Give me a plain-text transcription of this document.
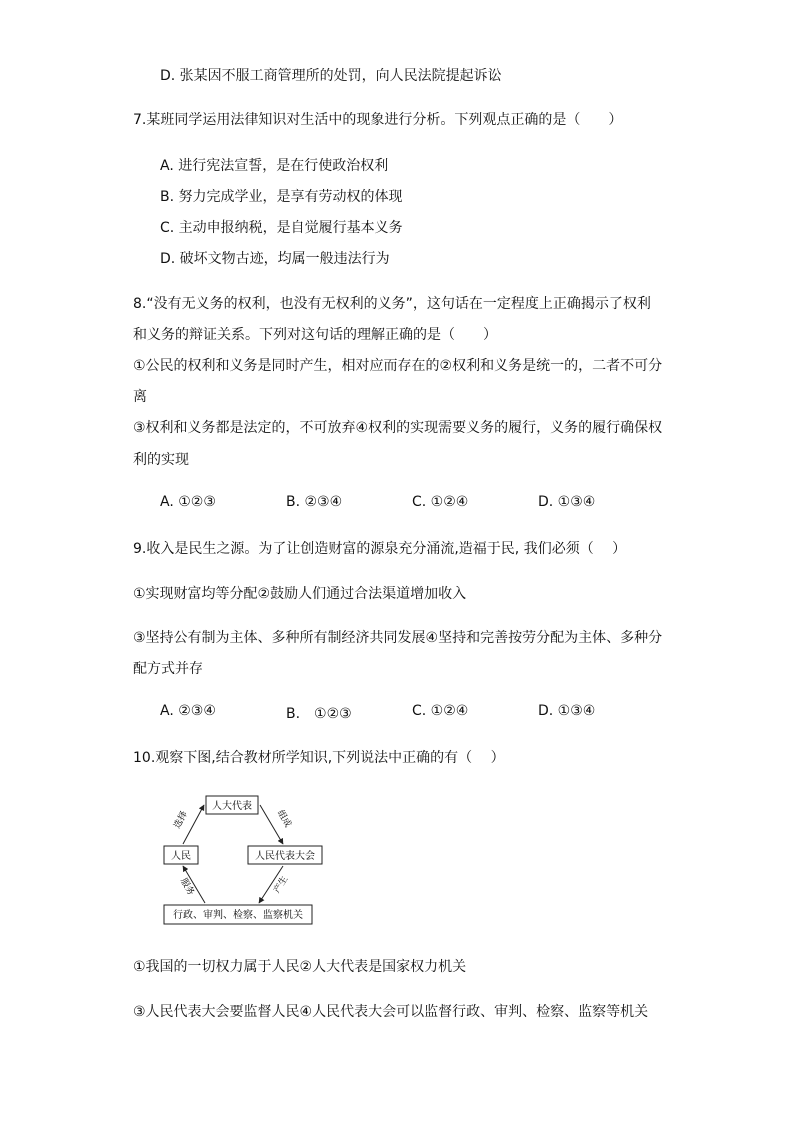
D. 张某因不服工商管理所的处罚，向人民法院提起诉讼
7.某班同学运用法律知识对生活中的现象进行分析。下列观点正确的是（　　）
A. 进行宪法宣誓，是在行使政治权利
B. 努力完成学业，是享有劳动权的体现
C. 主动申报纳税，是自觉履行基本义务
D. 破坏文物古迹，均属一般违法行为
8.“没有无义务的权利，也没有无权利的义务”，这句话在一定程度上正确揭示了权利
和义务的辩证关系。下列对这句话的理解正确的是（　　）
①公民的权利和义务是同时产生，相对应而存在的②权利和义务是统一的，二者不可分
离
③权利和义务都是法定的，不可放弃④权利的实现需要义务的履行，义务的履行确保权
利的实现
A. ①②③	B. ②③④	C. ①②④	D. ①③④
9.收入是民生之源。为了让创造财富的源泉充分涌流,造福于民, 我们必须（　 ）
①实现财富均等分配②鼓励人们通过合法渠道增加收入
③坚持公有制为主体、多种所有制经济共同发展④坚持和完善按劳分配为主体、多种分
配方式并存
A. ②③④	B.　①②③	C. ①②④	D. ①③④
10.观察下图,结合教材所学知识,下列说法中正确的有（　 ）
人大代表
人民	人民代表大会
行政、审判、检察、监察机关
选择	组成
产生
服务
①我国的一切权力属于人民②人大代表是国家权力机关
③人民代表大会要监督人民④人民代表大会可以监督行政、审判、检察、监察等机关
